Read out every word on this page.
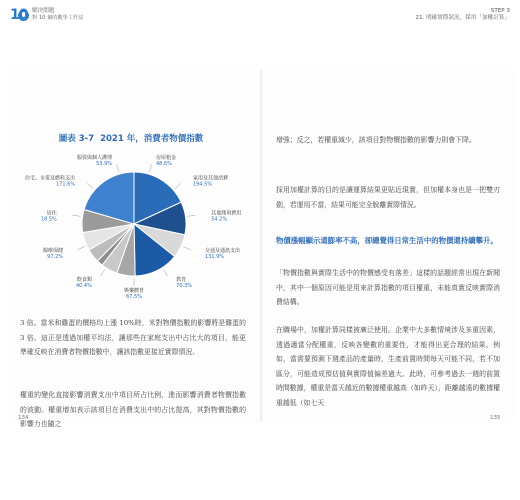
10 解決問題
對 10 個的數學工作法
STEP 3
21. 明確實際狀況，採用「加權計算」
圖表 3-7 2021 年，消費者物價指數
房屋租金
48.6%
家用及其他消費
194.5%
其他雜項費用
54.2%
交通及通訊支出
131.9%
教育
70.3%
娛樂體育
67.5%
飲食類
40.4%
醫療保健
97.2%
居住
18.5%
住宅、水電及燃料支出
171.6%
服裝與個人護理
53.9%
3 倍。當米和雞蛋的價格均上漲 10%時，米對物價指數的影響將是雞蛋的 3 倍。這正是透過加權平均法，讓那些在家庭支出中占比大的項目，能更準確反映在消費者物價指數中，讓該指數更接近實際情況。
權重的變化直接影響消費支出中項目所占比例，進而影響消費者物價指數的波動。權重增加表示該項目在消費支出中的占比提高，其對物價指數的影響力也隨之
增強；反之，若權重減少，該項目對物價指數的影響力則會下降。
採用加權計算的目的是讓運算結果更貼近現實，但加權本身也是一把雙刃劍，若運用不當，結果可能完全脫離實際情況。
物價漲幅顯示通膨率不高，卻總覺得日常生活中的物價還持續攀升。
「物價指數與實際生活中的物價感受有落差」這樣的話題經常出現在新聞中，其中一個原因可能是用來計算指數的項目權重，未能真實反映實際消費結構。
在職場中，加權計算同樣被廣泛使用。企業中大多數情境涉及多重因素，透過適當分配權重，反映各變數的重要性，才能得出更合理的結果。例如，當需要預測下週產品的產量時，生產前置時間每天可能不同，若不加區分，可能造成預估值與實際值偏差過大。此時，可參考過去一週的前置時間數據，權重是當天越近的數據權重越高（如昨天），距離越遠的數據權重越低（如七天
134	135
